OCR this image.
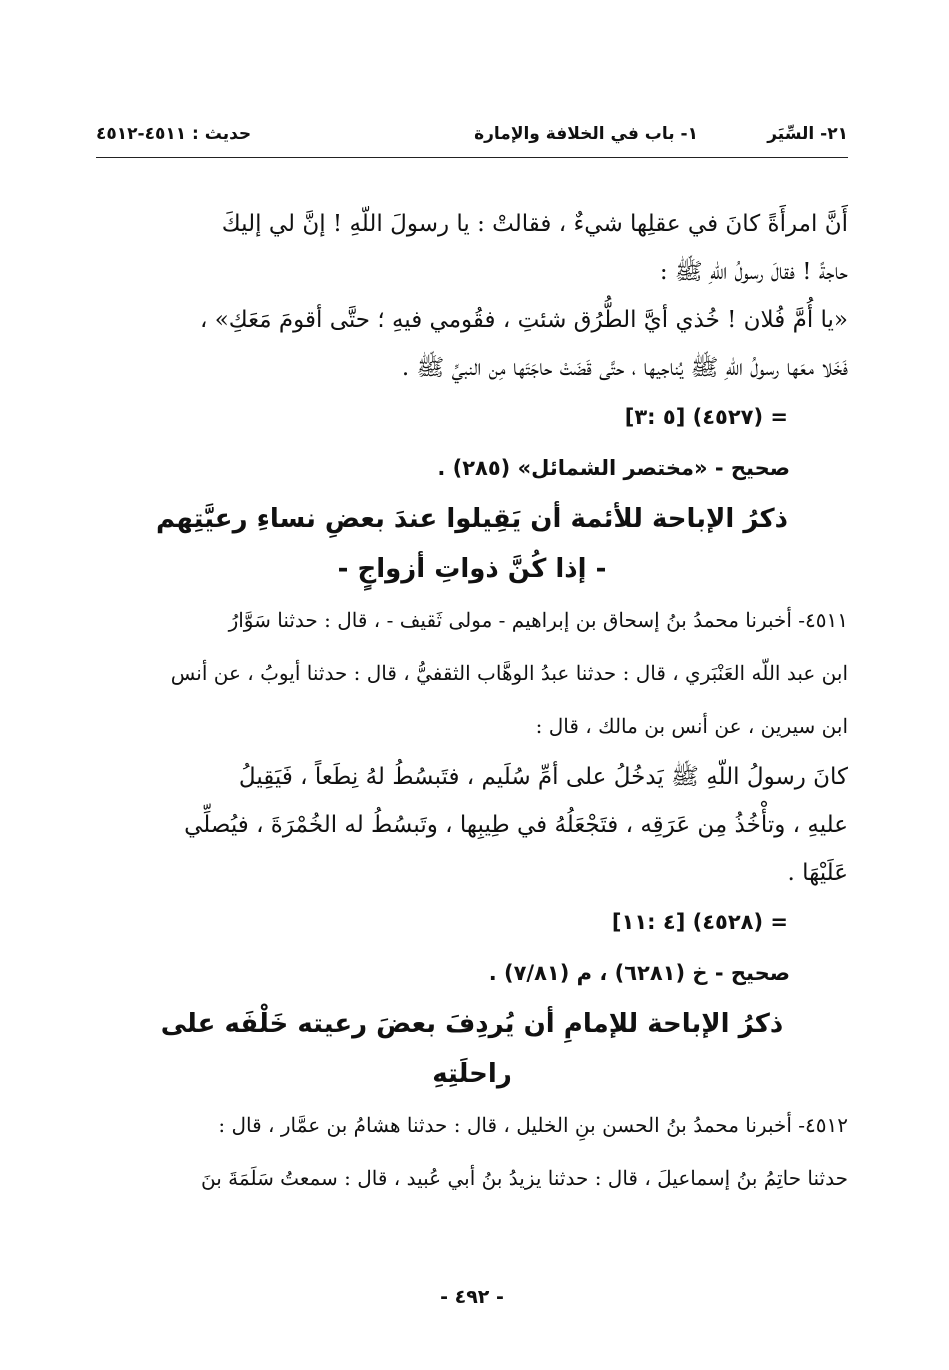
٢١- السِّيَر
١- باب في الخلافة والإمارة
حديث : ٤٥١١-٤٥١٢

أَنَّ امرأَةً كانَ في عقلِها شيءٌ ، فقالتْ : يا رسولَ اللّهِ ! إنَّ لي إليكَ

حاجةً ! فقالَ رسولُ اللّهِ ﷺ :

«يا أُمَّ فُلان ! خُذي أيَّ الطُّرُق شئتِ ، فقُومي فيهِ ؛ حتَّى أقومَ مَعَكِ» ،

فَخَلا معَها رسولُ اللّهِ ﷺ يُناجيها ، حتَّى قَضَتْ حاجَتَها مِن النبيِّ ﷺ .

= (٤٥٢٧) [٥ :٣]
صحيح - «مختصر الشمائل» (٢٨٥) .
ذكرُ الإباحة للأئمة أن يَقِيلوا عندَ بعضِ نساءِ رعيَّتِهم
- إذا كُنَّ ذواتِ أزواجٍ -
٤٥١١- أخبرنا محمدُ بنُ إسحاق بن إبراهيم - مولى ثَقيف - ، قال : حدثنا سَوَّارُ
ابن عبد اللّه العَنْبَري ، قال : حدثنا عبدُ الوهَّاب الثقفيُّ ، قال : حدثنا أيوبُ ، عن أنس
ابن سيرين ، عن أنس بن مالك ، قال :

كانَ رسولُ اللّهِ ﷺ يَدخُلُ على أمِّ سُلَيم ، فتَبسُطُ لهُ نِطَعاً ، فَيَقِيلُ

عليهِ ، وتأْخُذُ مِن عَرَقِه ، فتَجْعَلُهُ في طِيبِها ، وتَبسُطُ له الخُمْرَةَ ، فيُصلِّي

عَلَيْهَا .

= (٤٥٢٨) [٤ :١١]
صحيح - خ (٦٢٨١) ، م (٧/٨١) .
ذكرُ الإباحة للإمامِ أن يُردِفَ بعضَ رعيته خَلْفَه على
راحلَتِهِ
٤٥١٢- أخبرنا محمدُ بنُ الحسن بنِ الخليل ، قال : حدثنا هشامُ بن عمَّار ، قال :
حدثنا حاتِمُ بنُ إسماعيلَ ، قال : حدثنا يزيدُ بنُ أبي عُبيد ، قال : سمعتُ سَلَمَةَ بنَ
- ٤٩٢ -
